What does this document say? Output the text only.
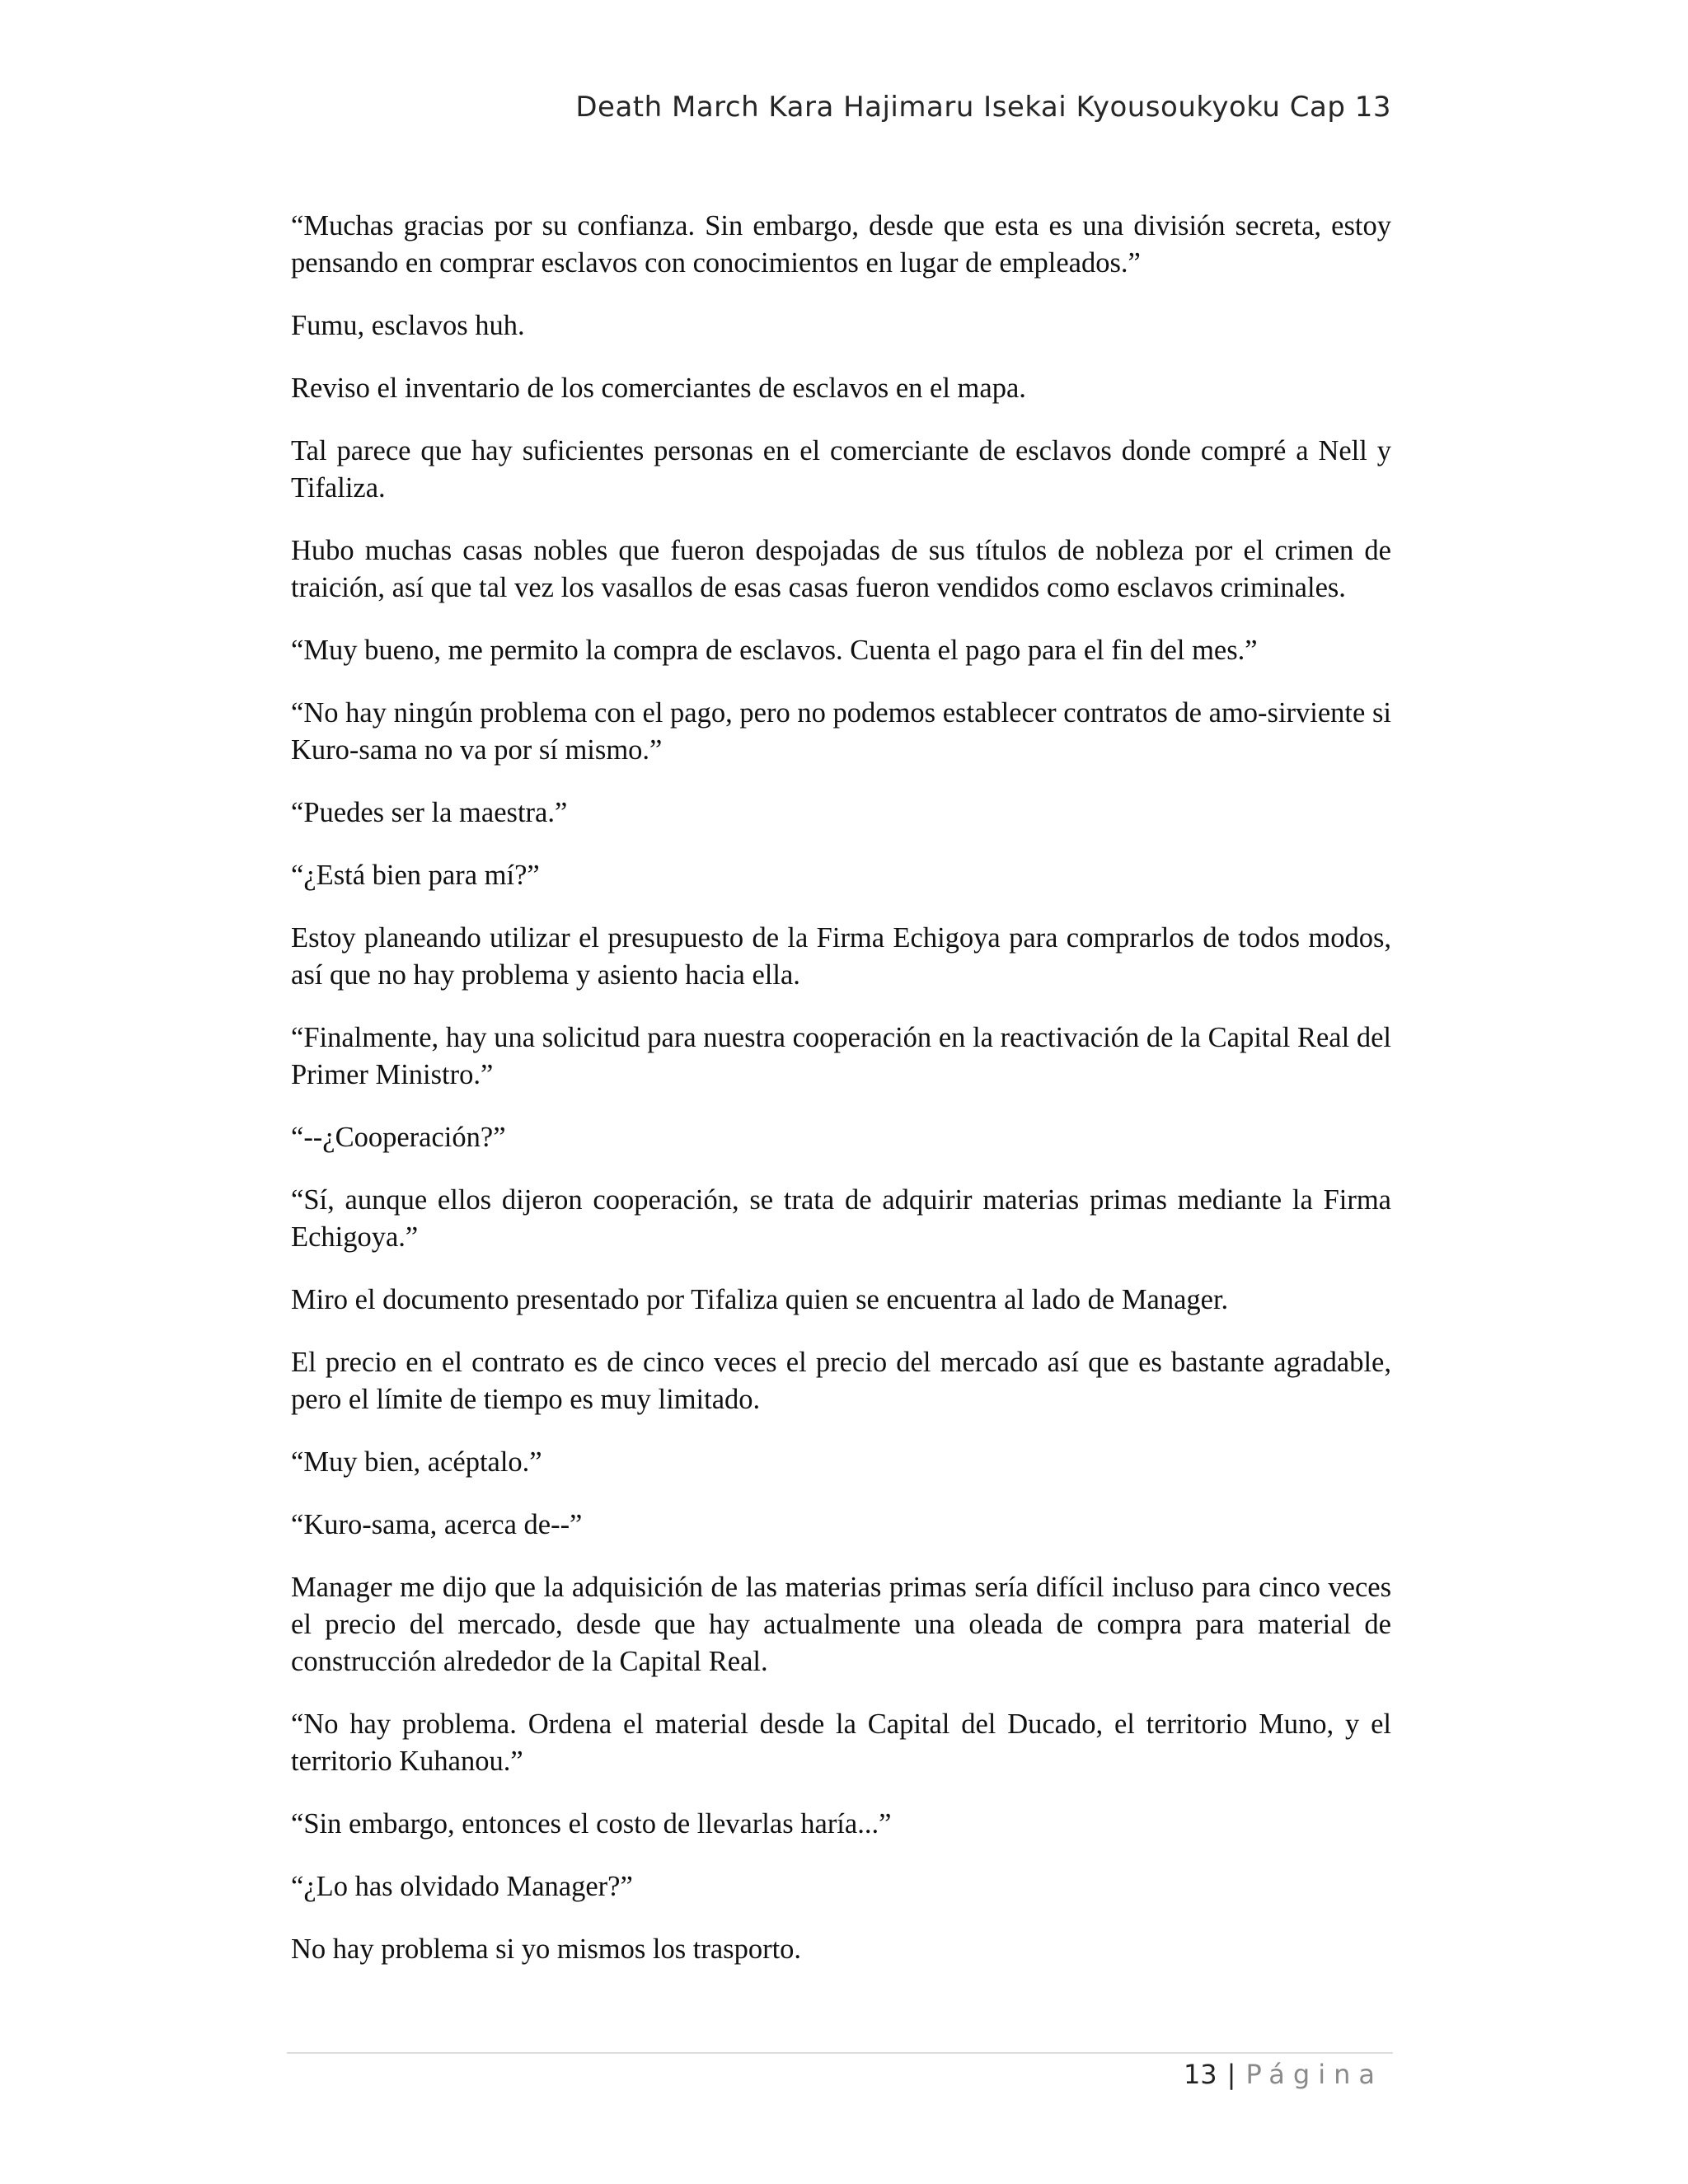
Death March Kara Hajimaru Isekai Kyousoukyoku Cap 13

“Muchas gracias por su confianza. Sin embargo, desde que esta es una división secreta, estoy pensando en comprar esclavos con conocimientos en lugar de empleados.”

Fumu, esclavos huh.

Reviso el inventario de los comerciantes de esclavos en el mapa.

Tal parece que hay suficientes personas en el comerciante de esclavos donde compré a Nell y Tifaliza.

Hubo muchas casas nobles que fueron despojadas de sus títulos de nobleza por el crimen de traición, así que tal vez los vasallos de esas casas fueron vendidos como esclavos criminales.

“Muy bueno, me permito la compra de esclavos. Cuenta el pago para el fin del mes.”

“No hay ningún problema con el pago, pero no podemos establecer contratos de amo-sirviente si Kuro-sama no va por sí mismo.”

“Puedes ser la maestra.”

“¿Está bien para mí?”

Estoy planeando utilizar el presupuesto de la Firma Echigoya para comprarlos de todos modos, así que no hay problema y asiento hacia ella.

“Finalmente, hay una solicitud para nuestra cooperación en la reactivación de la Capital Real del Primer Ministro.”

“--¿Cooperación?”

“Sí, aunque ellos dijeron cooperación, se trata de adquirir materias primas mediante la Firma Echigoya.”

Miro el documento presentado por Tifaliza quien se encuentra al lado de Manager.

El precio en el contrato es de cinco veces el precio del mercado así que es bastante agradable, pero el límite de tiempo es muy limitado.

“Muy bien, acéptalo.”

“Kuro-sama, acerca de--”

Manager me dijo que la adquisición de las materias primas sería difícil incluso para cinco veces el precio del mercado, desde que hay actualmente una oleada de compra para material de construcción alrededor de la Capital Real.

“No hay problema. Ordena el material desde la Capital del Ducado, el territorio Muno, y el territorio Kuhanou.”

“Sin embargo, entonces el costo de llevarlas haría...”

“¿Lo has olvidado Manager?”

No hay problema si yo mismos los trasporto.

13 | Página
